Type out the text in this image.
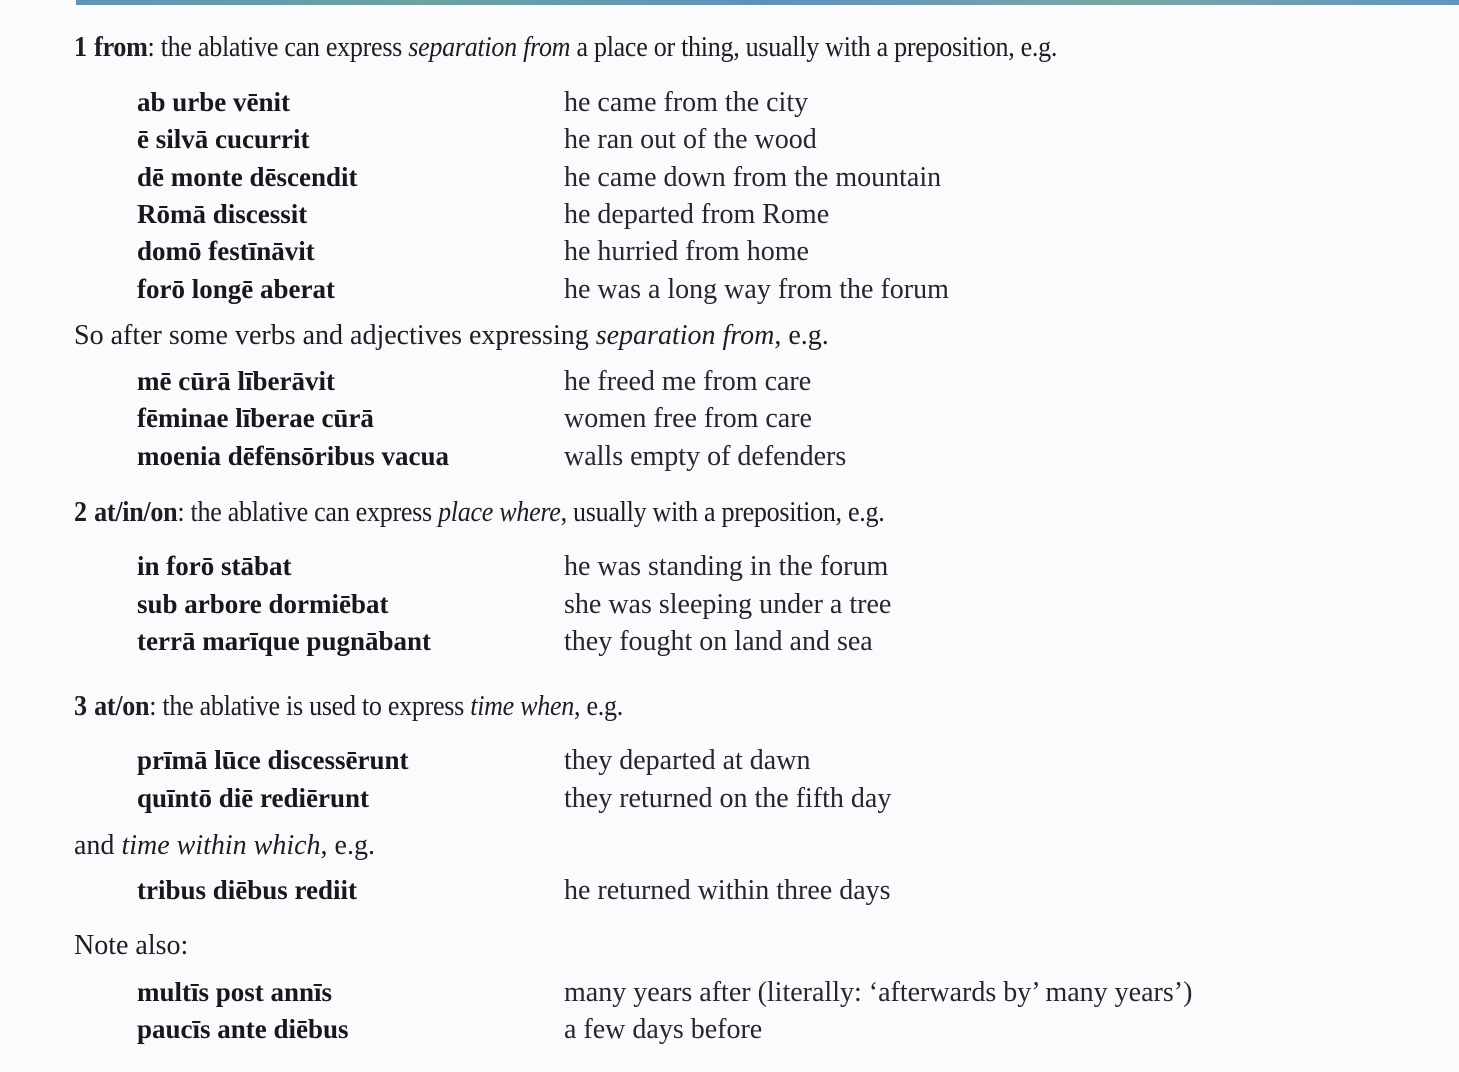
1 from: the ablative can express separation from a place or thing, usually with a preposition, e.g.
ab urbe vēnit	he came from the city
ē silvā cucurrit	he ran out of the wood
dē monte dēscendit	he came down from the mountain
Rōmā discessit	he departed from Rome
domō festīnāvit	he hurried from home
forō longē aberat	he was a long way from the forum
So after some verbs and adjectives expressing separation from, e.g.
mē cūrā līberāvit	he freed me from care
fēminae līberae cūrā	women free from care
moenia dēfēnsōribus vacua	walls empty of defenders
2 at/in/on: the ablative can express place where, usually with a preposition, e.g.
in forō stābat	he was standing in the forum
sub arbore dormiēbat	she was sleeping under a tree
terrā marīque pugnābant	they fought on land and sea
3 at/on: the ablative is used to express time when, e.g.
prīmā lūce discessērunt	they departed at dawn
quīntō diē rediērunt	they returned on the fifth day
and time within which, e.g.
tribus diēbus rediit	he returned within three days
Note also:
multīs post annīs	many years after (literally: ‘afterwards by’ many years’)
paucīs ante diēbus	a few days before
